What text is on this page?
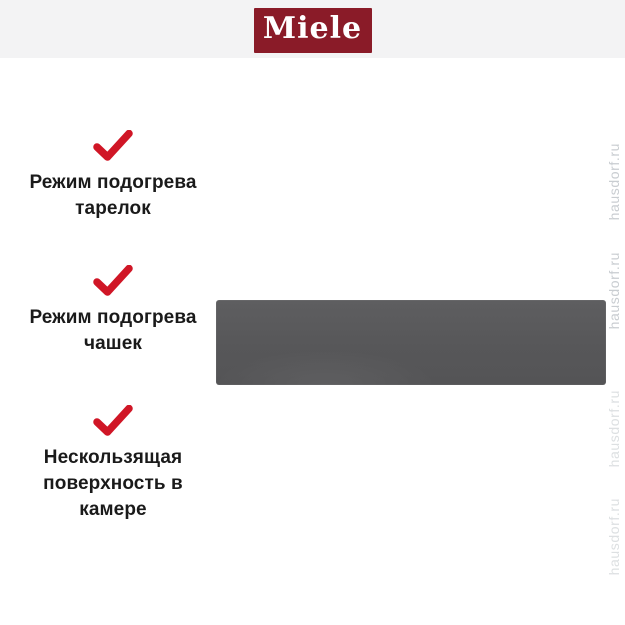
Miele
Режим подогрева
тарелок
Режим подогрева
чашек
Нескользящая
поверхность в
камере
hausdorf.ru
hausdorf.ru
hausdorf.ru
hausdorf.ru
